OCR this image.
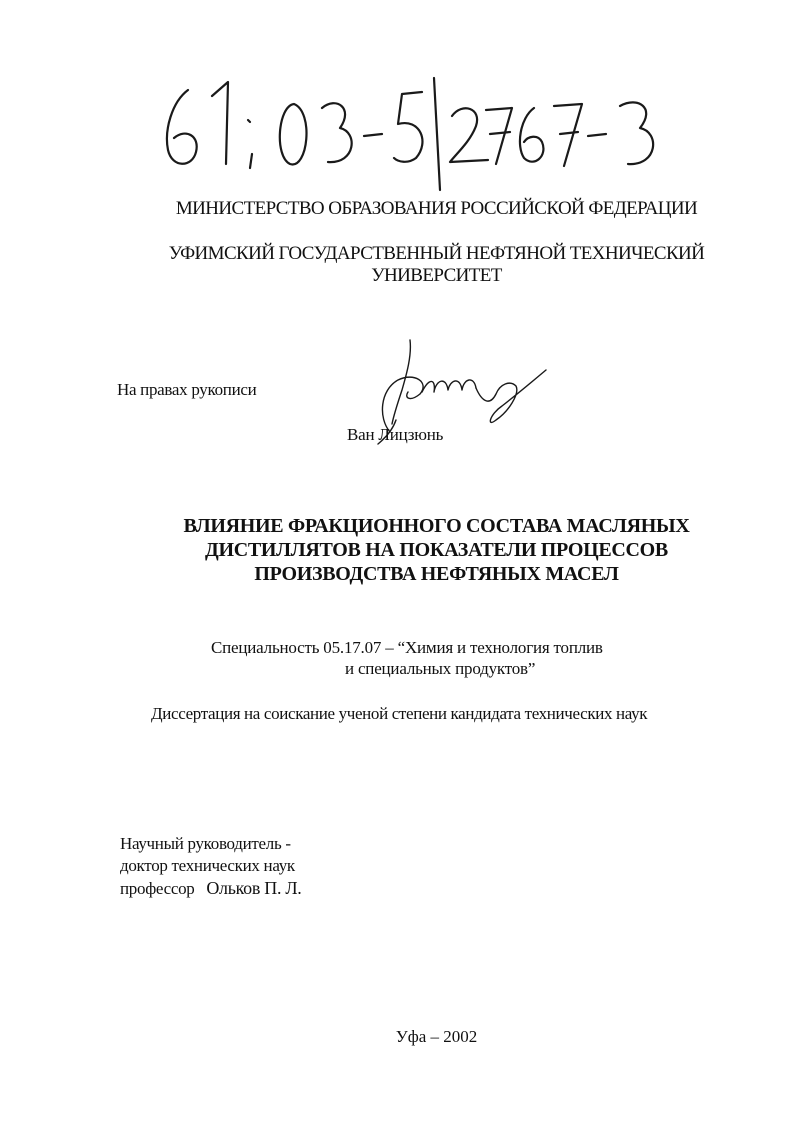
МИНИСТЕРСТВО ОБРАЗОВАНИЯ РОССИЙСКОЙ ФЕДЕРАЦИИ

УФИМСКИЙ ГОСУДАРСТВЕННЫЙ НЕФТЯНОЙ ТЕХНИЧЕСКИЙ
УНИВЕРСИТЕТ

На правах рукописи

Ван Лицзюнь

ВЛИЯНИЕ ФРАКЦИОННОГО СОСТАВА МАСЛЯНЫХ
ДИСТИЛЛЯТОВ НА ПОКАЗАТЕЛИ ПРОЦЕССОВ
ПРОИЗВОДСТВА НЕФТЯНЫХ МАСЕЛ

Специальность 05.17.07 – “Химия и технология топлив

и специальных продуктов”

Диссертация на соискание ученой степени кандидата технических наук

Научный руководитель -
доктор технических наук
профессор Ольков П. Л.

Уфа – 2002
